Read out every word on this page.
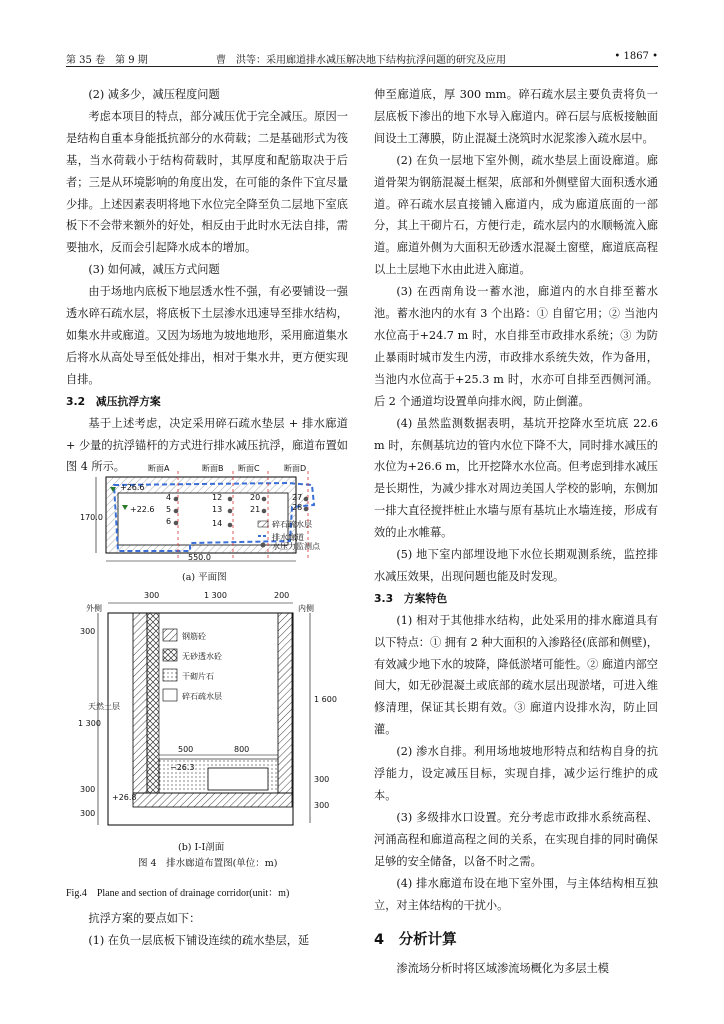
第 35 卷　第 9 期	曹　洪等：采用廊道排水减压解决地下结构抗浮问题的研究及应用	• 1867 •

(2) 减多少，减压程度问题

考虑本项目的特点，部分减压优于完全减压。原因一是结构自重本身能抵抗部分的水荷载；二是基础形式为筏基，当水荷载小于结构荷载时，其厚度和配筋取决于后者；三是从环境影响的角度出发，在可能的条件下宜尽量少排。上述因素表明将地下水位完全降至负二层地下室底板下不会带来额外的好处，相反由于此时水无法自排，需要抽水，反而会引起降水成本的增加。

(3) 如何减，减压方式问题

由于场地内底板下地层透水性不强，有必要铺设一强透水碎石疏水层，将底板下土层渗水迅速导至排水结构，如集水井或廊道。又因为场地为坡地地形，采用廊道集水后将水从高处导至低处排出，相对于集水井，更方便实现自排。

3.2　减压抗浮方案

基于上述考虑，决定采用碎石疏水垫层 + 排水廊道 + 少量的抗浮锚杆的方式进行排水减压抗浮，廊道布置如图 4 所示。	断面A	断面B 断面C	断面D
+26.6
+22.6
4
5
6
12
13
14
20
21
27
28
碎石疏水层
排水廊道
水压力监测点
550.0
170.0
(a) 平面图
300	1 300	200
外侧	内侧
钢筋砼
无砂透水砼
干砌片石
碎石疏水层
天然土层
500	800
1 600
300
300
300
1 300
300
300
−26.3
+26.8
(b) Ⅰ-Ⅰ剖面
图 4　排水廊道布置图(单位：m)
Fig.4　Plane and section of drainage corridor(unit：m)

抗浮方案的要点如下：

(1) 在负一层底板下铺设连续的疏水垫层，延

伸至廊道底，厚 300 mm。碎石疏水层主要负责将负一层底板下渗出的地下水导入廊道内。碎石层与底板接触面间设土工薄膜，防止混凝土浇筑时水泥浆渗入疏水层中。

(2) 在负一层地下室外侧，疏水垫层上面设廊道。廊道骨架为钢筋混凝土框架，底部和外侧壁留大面积透水通道。碎石疏水层直接铺入廊道内，成为廊道底面的一部分，其上干砌片石，方便行走，疏水层内的水顺畅流入廊道。廊道外侧为大面积无砂透水混凝土窗壁，廊道底高程以上土层地下水由此进入廊道。

(3) 在西南角设一蓄水池，廊道内的水自排至蓄水池。蓄水池内的水有 3 个出路：① 自留它用；② 当池内水位高于+24.7 m 时，水自排至市政排水系统；③ 为防止暴雨时城市发生内涝，市政排水系统失效，作为备用，当池内水位高于+25.3 m 时，水亦可自排至西侧河涌。后 2 个通道均设置单向排水阀，防止倒灌。

(4) 虽然监测数据表明，基坑开挖降水至坑底 22.6 m 时，东侧基坑边的管内水位下降不大，同时排水减压的水位为+26.6 m，比开挖降水水位高。但考虑到排水减压是长期性，为减少排水对周边美国人学校的影响，东侧加一排大直径搅拌桩止水墙与原有基坑止水墙连接，形成有效的止水帷幕。

(5) 地下室内部埋设地下水位长期观测系统，监控排水减压效果，出现问题也能及时发现。

3.3　方案特色

(1) 相对于其他排水结构，此处采用的排水廊道具有以下特点：① 拥有 2 种大面积的入渗路径(底部和侧壁)，有效减少地下水的坡降，降低淤堵可能性。② 廊道内部空间大，如无砂混凝土或底部的疏水层出现淤堵，可进入维修清理，保证其长期有效。③ 廊道内设排水沟，防止回灌。

(2) 渗水自排。利用场地坡地形特点和结构自身的抗浮能力，设定减压目标，实现自排，减少运行维护的成本。

(3) 多级排水口设置。充分考虑市政排水系统高程、河涌高程和廊道高程之间的关系，在实现自排的同时确保足够的安全储备，以备不时之需。

(4) 排水廊道布设在地下室外围，与主体结构相互独立，对主体结构的干扰小。

4　分析计算

渗流场分析时将区域渗流场概化为多层土模
